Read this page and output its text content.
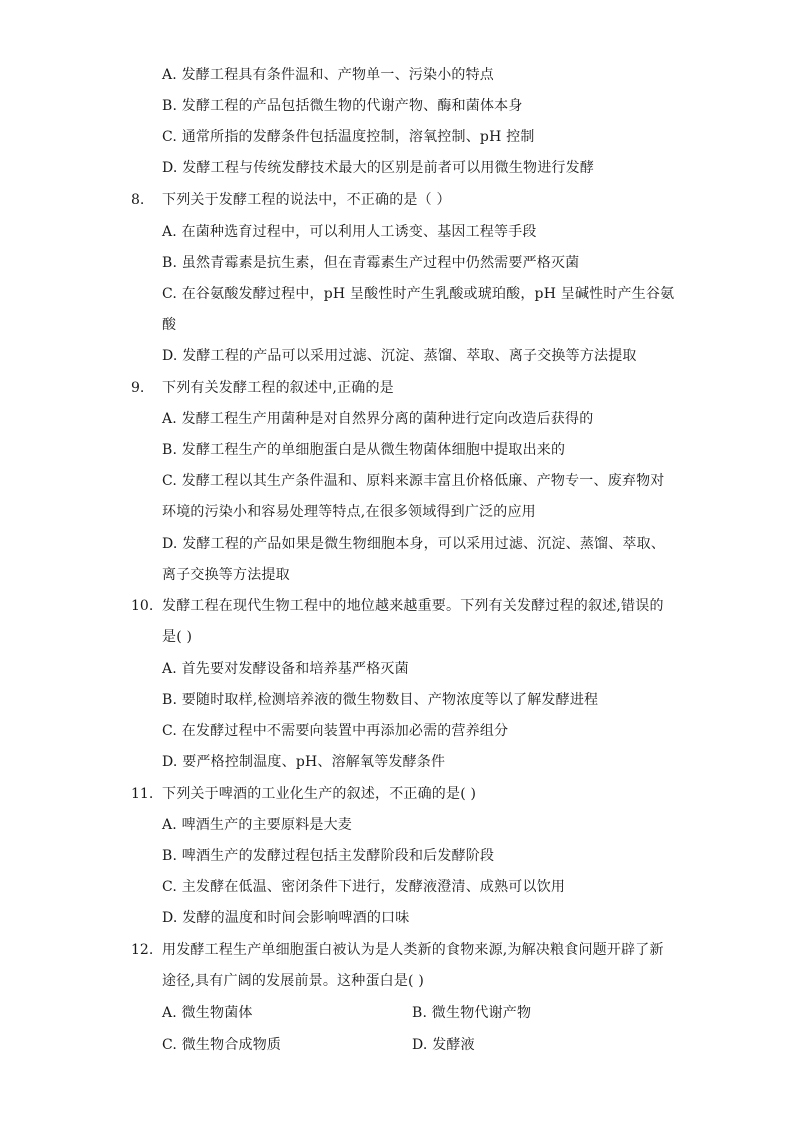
A. 发酵工程具有条件温和、产物单一、污染小的特点
B. 发酵工程的产品包括微生物的代谢产物、酶和菌体本身
C. 通常所指的发酵条件包括温度控制，溶氧控制、pH 控制
D. 发酵工程与传统发酵技术最大的区别是前者可以用微生物进行发酵
8. 下列关于发酵工程的说法中，不正确的是（ ）
A. 在菌种选育过程中，可以利用人工诱变、基因工程等手段
B. 虽然青霉素是抗生素，但在青霉素生产过程中仍然需要严格灭菌
C. 在谷氨酸发酵过程中，pH 呈酸性时产生乳酸或琥珀酸，pH 呈碱性时产生谷氨
酸
D. 发酵工程的产品可以采用过滤、沉淀、蒸馏、萃取、离子交换等方法提取
9. 下列有关发酵工程的叙述中,正确的是
A. 发酵工程生产用菌种是对自然界分离的菌种进行定向改造后获得的
B. 发酵工程生产的单细胞蛋白是从微生物菌体细胞中提取出来的
C. 发酵工程以其生产条件温和、原料来源丰富且价格低廉、产物专一、废弃物对
环境的污染小和容易处理等特点,在很多领域得到广泛的应用
D. 发酵工程的产品如果是微生物细胞本身，可以采用过滤、沉淀、蒸馏、萃取、
离子交换等方法提取
10. 发酵工程在现代生物工程中的地位越来越重要。下列有关发酵过程的叙述,错误的
是( )
A. 首先要对发酵设备和培养基严格灭菌
B. 要随时取样,检测培养液的微生物数目、产物浓度等以了解发酵进程
C. 在发酵过程中不需要向装置中再添加必需的营养组分
D. 要严格控制温度、pH、溶解氧等发酵条件
11. 下列关于啤酒的工业化生产的叙述，不正确的是( )
A. 啤酒生产的主要原料是大麦
B. 啤酒生产的发酵过程包括主发酵阶段和后发酵阶段
C. 主发酵在低温、密闭条件下进行，发酵液澄清、成熟可以饮用
D. 发酵的温度和时间会影响啤酒的口味
12. 用发酵工程生产单细胞蛋白被认为是人类新的食物来源,为解决粮食问题开辟了新
途径,具有广阔的发展前景。这种蛋白是( )
A. 微生物菌体	B. 微生物代谢产物
C. 微生物合成物质	D. 发酵液
